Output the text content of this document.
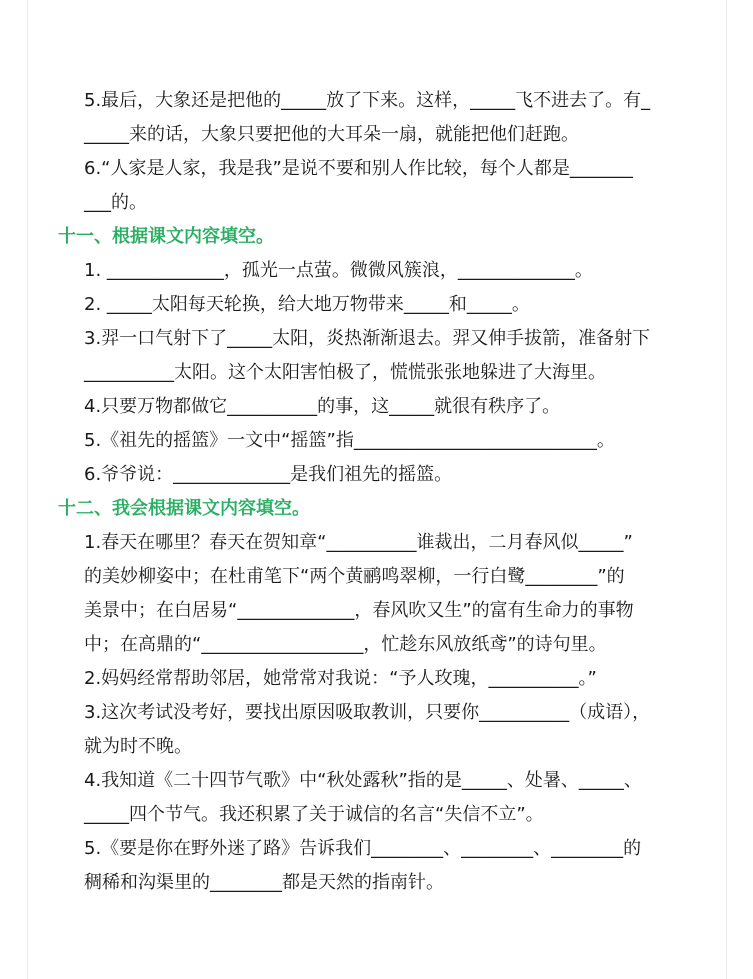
5.最后，大象还是把他的_____放了下来。这样，_____飞不进去了。有_
_____来的话，大象只要把他的大耳朵一扇，就能把他们赶跑。
6.“人家是人家，我是我”是说不要和别人作比较，每个人都是_______
___的。
十一、根据课文内容填空。
1. _____________，孤光一点萤。微微风簇浪，_____________。
2. _____太阳每天轮换，给大地万物带来_____和_____。
3.羿一口气射下了_____太阳，炎热渐渐退去。羿又伸手拔箭，准备射下
__________太阳。这个太阳害怕极了，慌慌张张地躲进了大海里。
4.只要万物都做它__________的事，这_____就很有秩序了。
5.《祖先的摇篮》一文中“摇篮”指___________________________。
6.爷爷说：_____________是我们祖先的摇篮。
十二、我会根据课文内容填空。
1.春天在哪里？春天在贺知章“__________谁裁出，二月春风似_____”
的美妙柳姿中；在杜甫笔下“两个黄鹂鸣翠柳，一行白鹭________”的
美景中；在白居易“_____________，春风吹又生”的富有生命力的事物
中；在高鼎的“__________________，忙趁东风放纸鸢”的诗句里。
2.妈妈经常帮助邻居，她常常对我说：“予人玫瑰，__________。”
3.这次考试没考好，要找出原因吸取教训，只要你__________（成语），
就为时不晚。
4.我知道《二十四节气歌》中“秋处露秋”指的是_____、处暑、_____、
_____四个节气。我还积累了关于诚信的名言“失信不立”。
5.《要是你在野外迷了路》告诉我们________、________、________的
稠稀和沟渠里的________都是天然的指南针。
